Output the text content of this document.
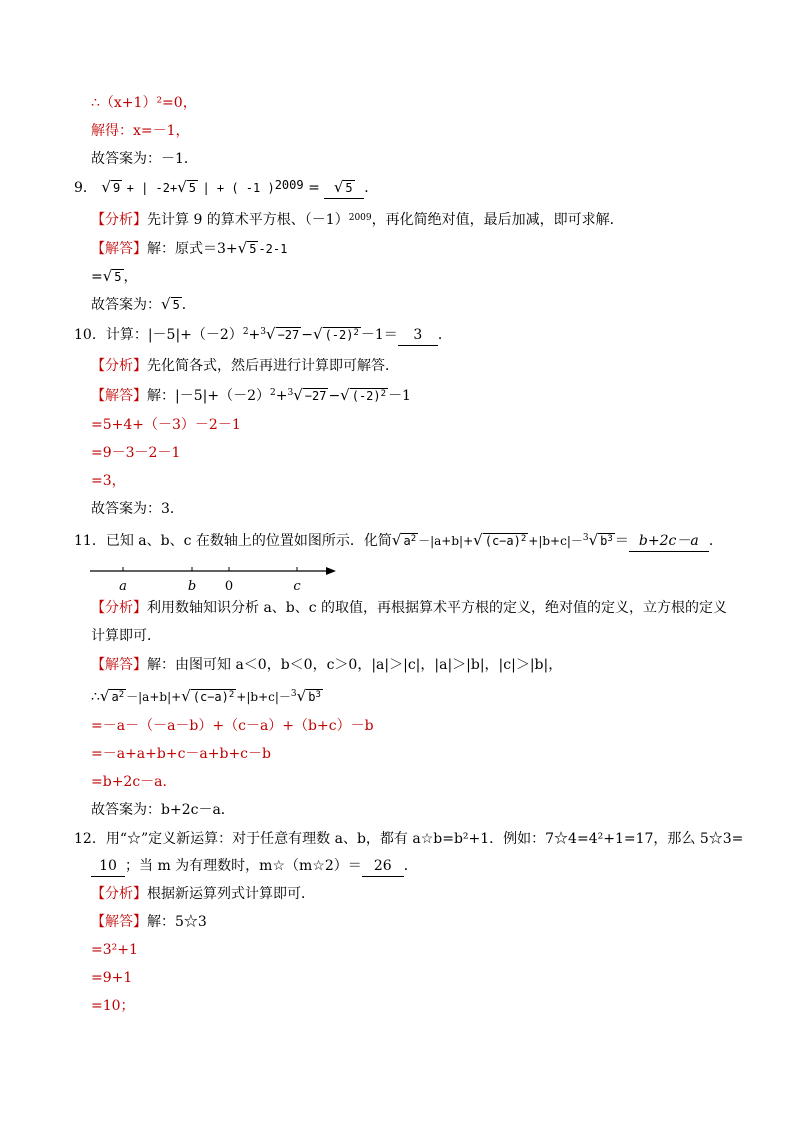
∴（x+1）²=0，
解得：x=－1，
故答案为：－1．
9． √ 9 + | -2+√ 5 | + ( -1 )$^{2009}$ = √ 5 ．
【分析】先计算 9 的算术平方根、$(-1)^{2009}$，再化简绝对值，最后加减，即可求解．
【解答】解：原式＝3+√ 5 -2-1
=√ 5 ，
故答案为：√ 5 ．
10．计算：$|-5|+(-2)^2+^3√ -27$ −√ $(-2)^2 -1= 3$ ．
【分析】先化简各式，然后再进行计算即可解答．
【解答】解：$|-5|+(-2)^2+^3√ -27$ −√ $(-2)^2 -1$
=5+4+（－3）－2－1
=9－3－2－1
=3，
故答案为：3．
11．已知 a、b、c 在数轴上的位置如图所示．化简√ $a^2 -|a+b|+√$ $(c-a)^2 +|b+c|-^3√$ $b^3 = b+2c-a$ ．
a	b 0	c
【分析】利用数轴知识分析 a、b、c 的取值，再根据算术平方根的定义，绝对值的定义，立方根的定义
计算即可．
【解答】解：由图可知 a＜0，b＜0，c＞0，|a|＞|c|，|a|＞|b|，|c|＞|b|，
∴√ $a^2 -|a+b|+√$ $(c-a)^2 +|b+c|-^3√$ $b^3$
=－a－（－a－b）+（c－a）+（b+c）－b
=－a+a+b+c－a+b+c－b
=b+2c－a．
故答案为：b+2c－a．
12．用“☆”定义新运算：对于任意有理数 a、b，都有 a☆b=b²+1．例如：7☆4=4²+1=17，那么 5☆3=
10 ；当 m 为有理数时，m☆（m☆2）＝ 26 ．
【分析】根据新运算列式计算即可．
【解答】解：5☆3
=3²+1
=9+1
=10；
